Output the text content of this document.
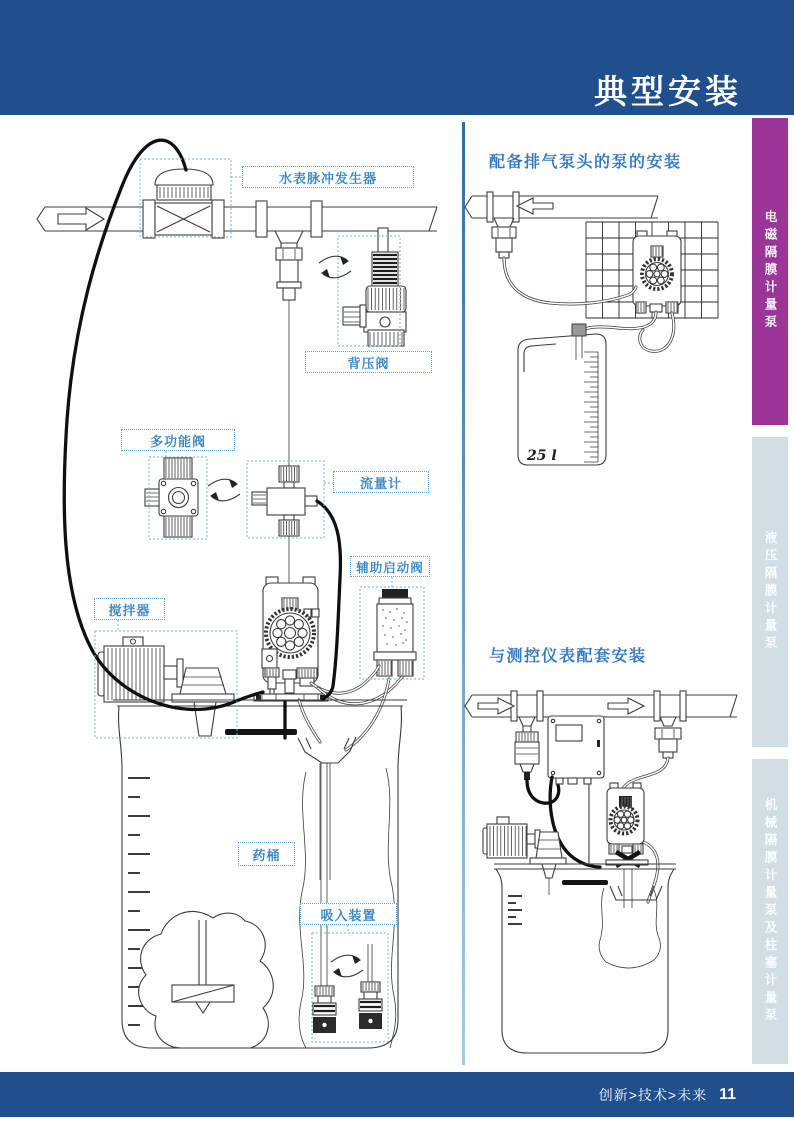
25 l
典型安装
水表脉冲发生器
背压阀
多功能阀
流量计
辅助启动阀
搅拌器
药桶
吸入装置
配备排气泵头的泵的安装
与测控仪表配套安装
电磁隔膜计量泵
液压隔膜计量泵
机械隔膜计量泵及柱塞计量泵
创新>技术>未来 11
